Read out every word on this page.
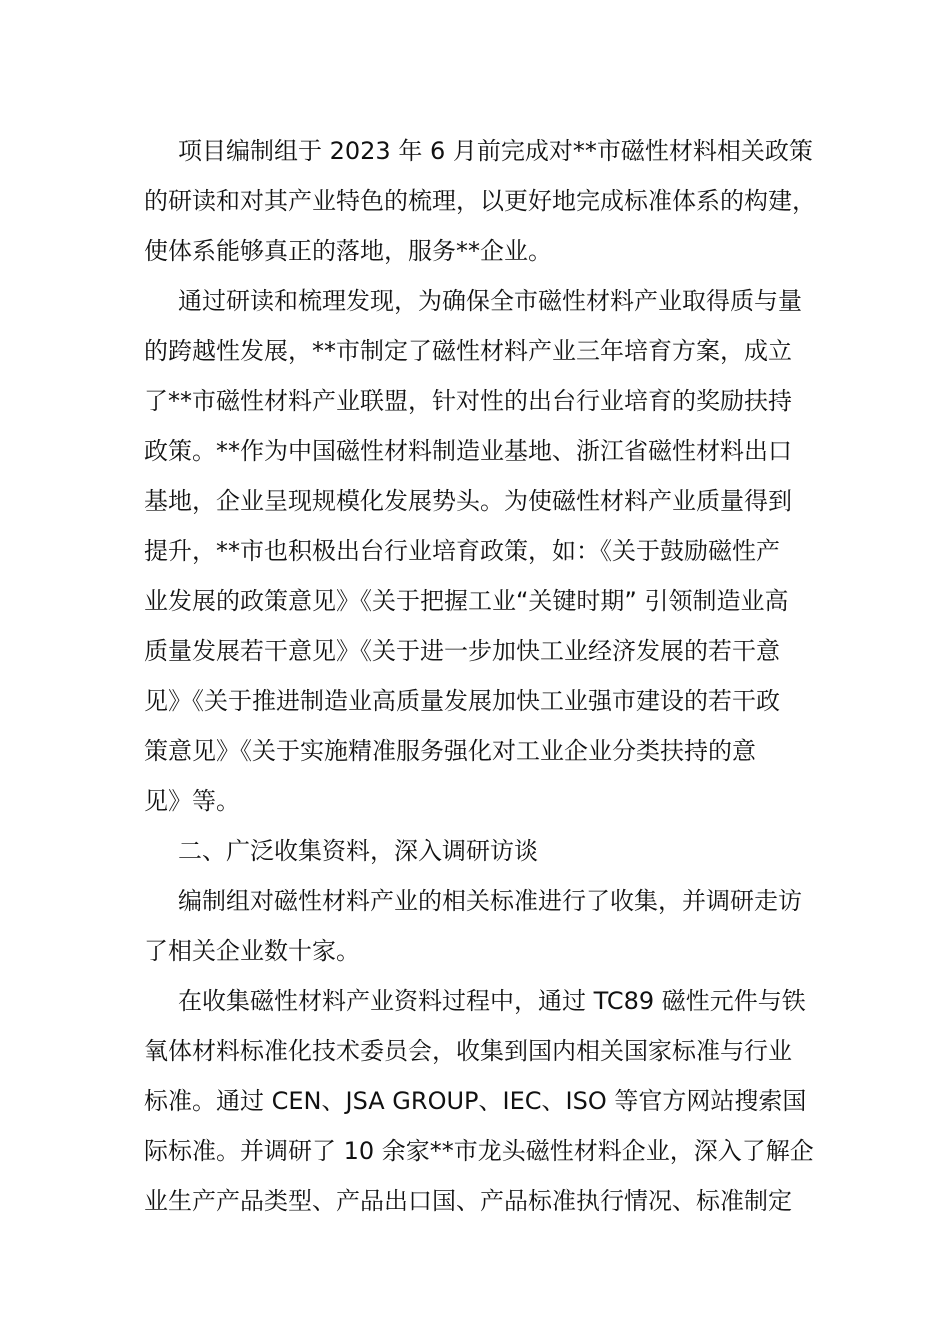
项目编制组于 2023 年 6 月前完成对**市磁性材料相关政策
的研读和对其产业特色的梳理，以更好地完成标准体系的构建，
使体系能够真正的落地，服务**企业。
通过研读和梳理发现，为确保全市磁性材料产业取得质与量
的跨越性发展，**市制定了磁性材料产业三年培育方案，成立
了**市磁性材料产业联盟，针对性的出台行业培育的奖励扶持
政策。**作为中国磁性材料制造业基地、浙江省磁性材料出口
基地，企业呈现规模化发展势头。为使磁性材料产业质量得到
提升，**市也积极出台行业培育政策，如：《关于鼓励磁性产
业发展的政策意见》《关于把握工业“关键时期” 引领制造业高
质量发展若干意见》《关于进一步加快工业经济发展的若干意
见》《关于推进制造业高质量发展加快工业强市建设的若干政
策意见》《关于实施精准服务强化对工业企业分类扶持的意
见》等。
二、广泛收集资料，深入调研访谈
编制组对磁性材料产业的相关标准进行了收集，并调研走访
了相关企业数十家。
在收集磁性材料产业资料过程中，通过 TC89 磁性元件与铁
氧体材料标准化技术委员会，收集到国内相关国家标准与行业
标准。通过 CEN、JSA GROUP、IEC、ISO 等官方网站搜索国
际标准。并调研了 10 余家**市龙头磁性材料企业，深入了解企
业生产产品类型、产品出口国、产品标准执行情况、标准制定
